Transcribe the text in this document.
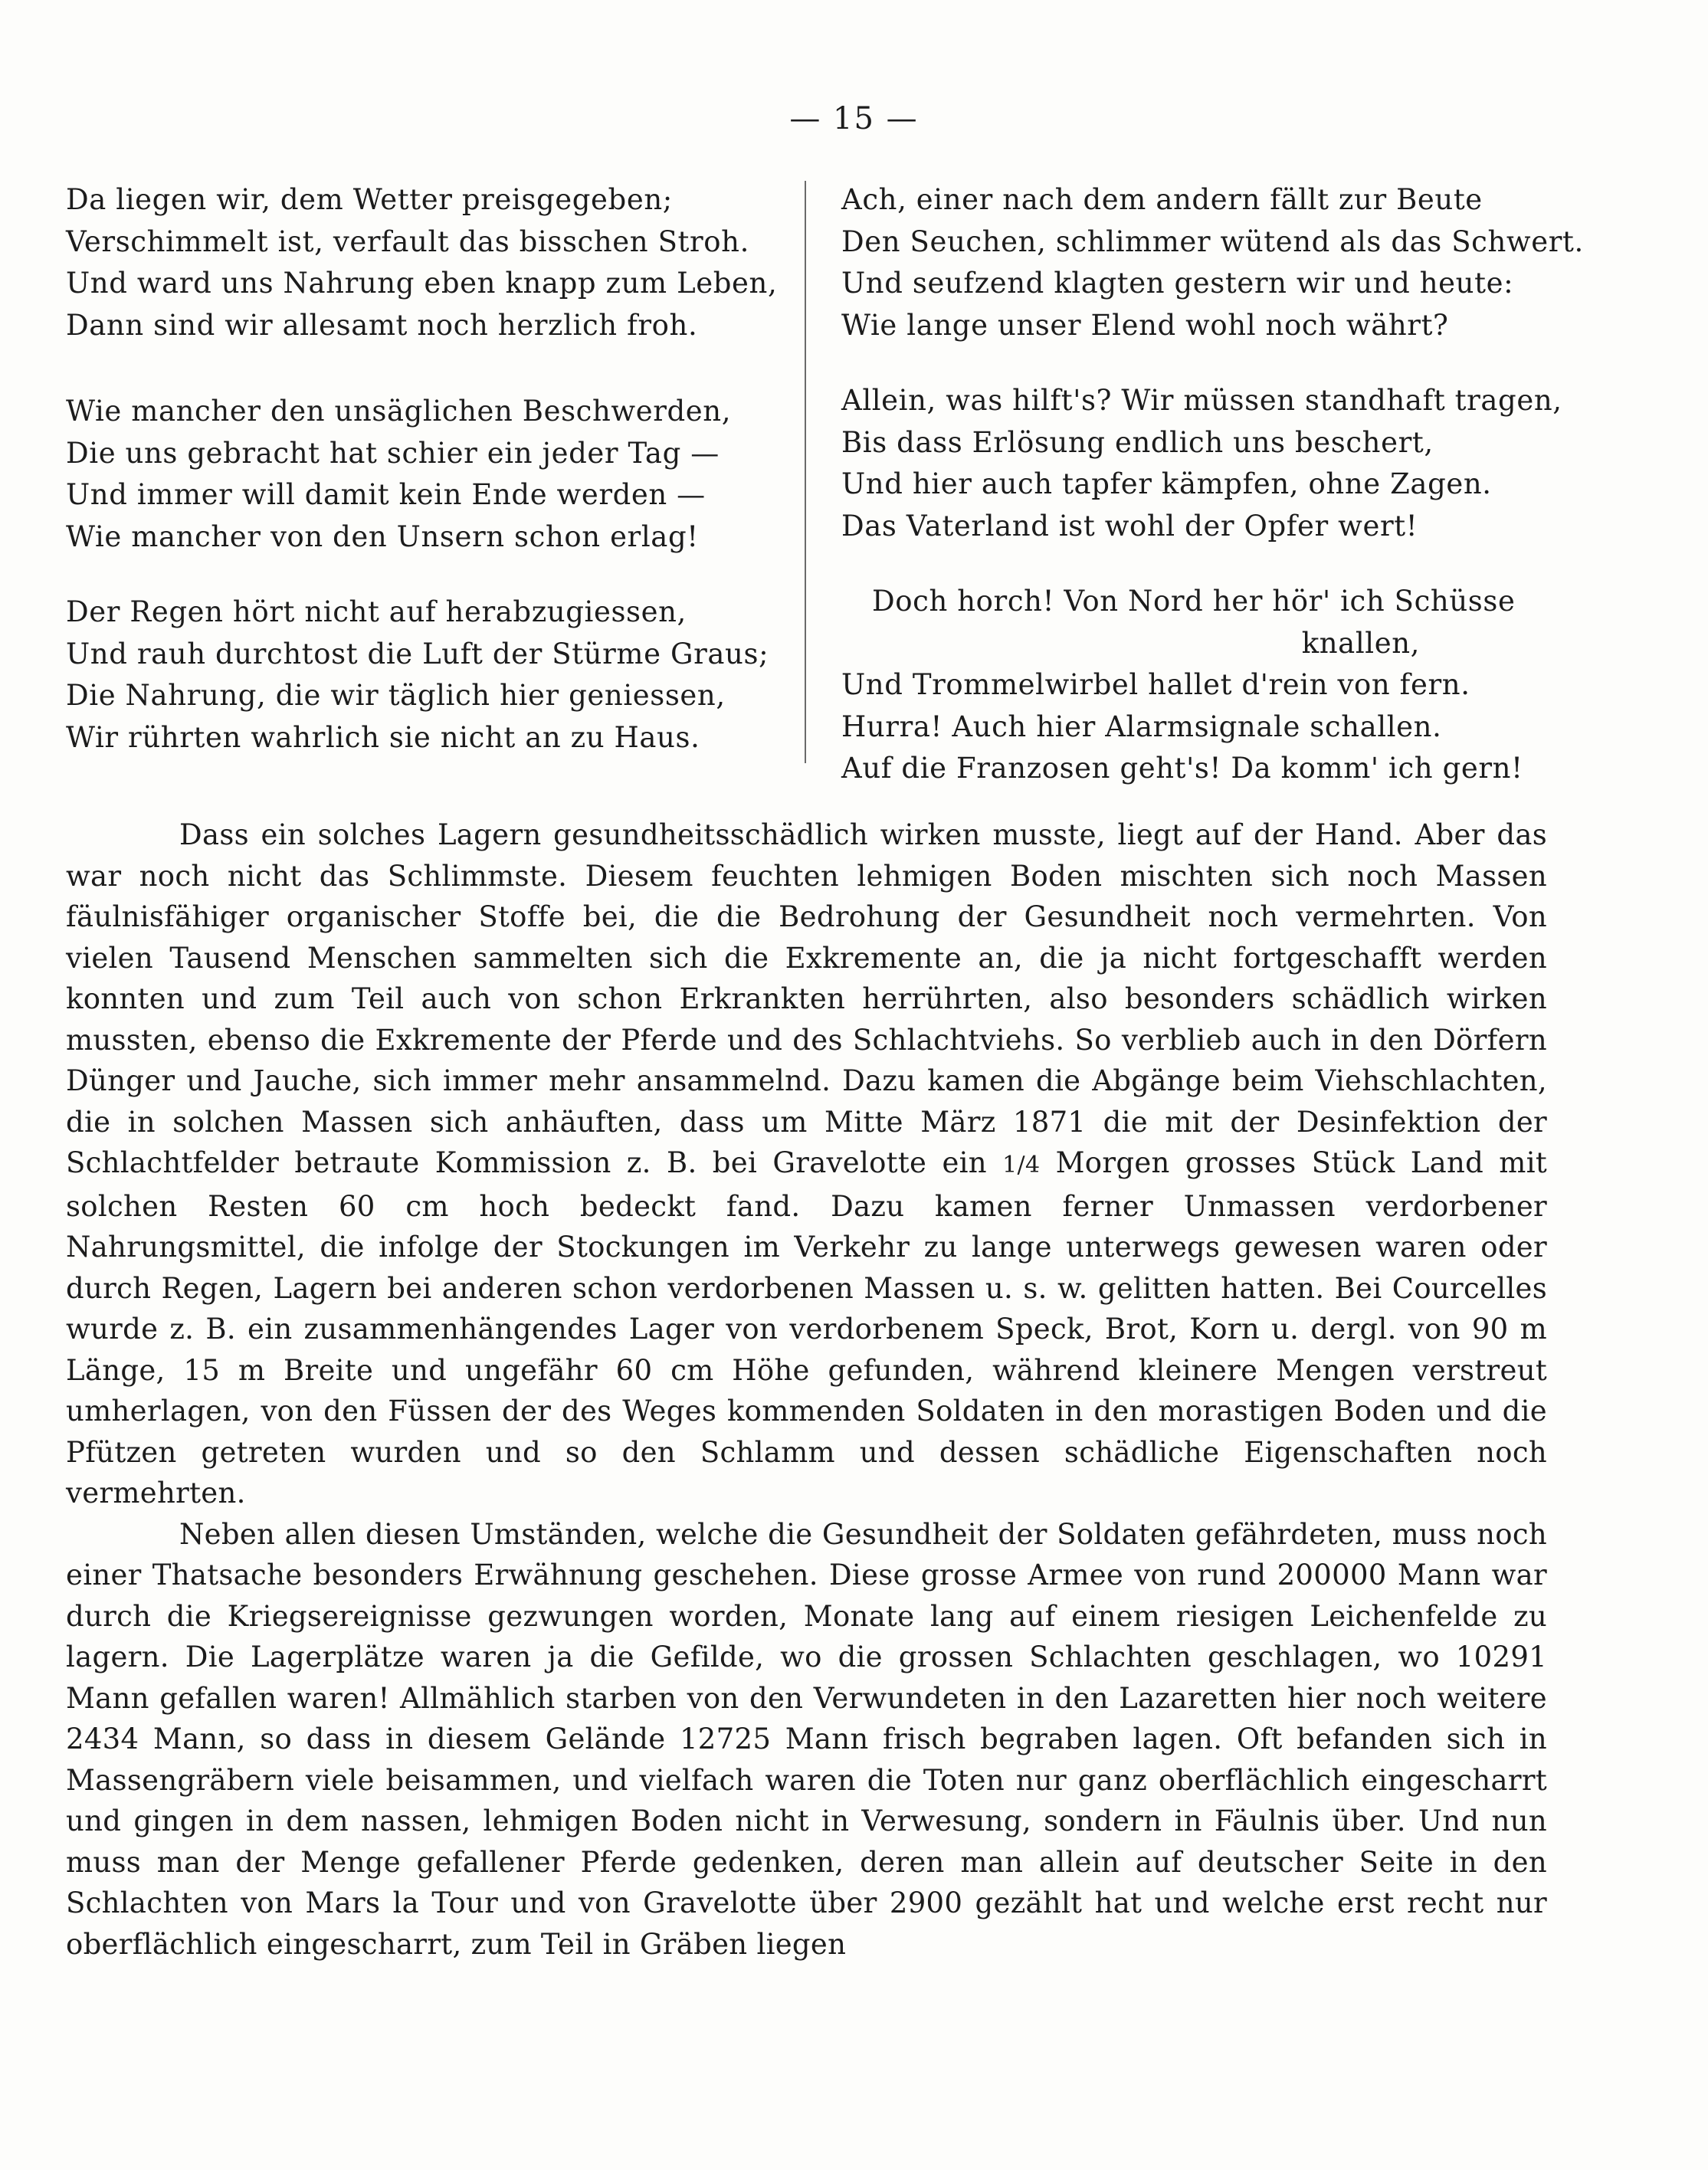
— 15 —
Da liegen wir, dem Wetter preisgegeben;
Verschimmelt ist, verfault das bisschen Stroh.
Und ward uns Nahrung eben knapp zum Leben,
Dann sind wir allesamt noch herzlich froh.
Wie mancher den unsäglichen Beschwerden,
Die uns gebracht hat schier ein jeder Tag —
Und immer will damit kein Ende werden —
Wie mancher von den Unsern schon erlag!
Der Regen hört nicht auf herabzugiessen,
Und rauh durchtost die Luft der Stürme Graus;
Die Nahrung, die wir täglich hier geniessen,
Wir rührten wahrlich sie nicht an zu Haus.
Ach, einer nach dem andern fällt zur Beute
Den Seuchen, schlimmer wütend als das Schwert.
Und seufzend klagten gestern wir und heute:
Wie lange unser Elend wohl noch währt?
Allein, was hilft's? Wir müssen standhaft tragen,
Bis dass Erlösung endlich uns beschert,
Und hier auch tapfer kämpfen, ohne Zagen.
Das Vaterland ist wohl der Opfer wert!
Doch horch! Von Nord her hör' ich Schüsse
knallen,
Und Trommelwirbel hallet d'rein von fern.
Hurra! Auch hier Alarmsignale schallen.
Auf die Franzosen geht's! Da komm' ich gern!

Dass ein solches Lagern gesundheitsschädlich wirken musste, liegt auf der Hand. Aber das war noch nicht das Schlimmste. Diesem feuchten lehmigen Boden mischten sich noch Massen fäulnisfähiger organischer Stoffe bei, die die Bedrohung der Gesundheit noch vermehrten. Von vielen Tausend Menschen sammelten sich die Exkremente an, die ja nicht fortgeschafft werden konnten und zum Teil auch von schon Erkrankten herrührten, also besonders schädlich wirken mussten, ebenso die Exkremente der Pferde und des Schlachtviehs. So verblieb auch in den Dörfern Dünger und Jauche, sich immer mehr ansammelnd. Dazu kamen die Abgänge beim Viehschlachten, die in solchen Massen sich anhäuften, dass um Mitte März 1871 die mit der Desinfektion der Schlachtfelder betraute Kommission z. B. bei Gravelotte ein 1/4 Morgen grosses Stück Land mit solchen Resten 60 cm hoch bedeckt fand. Dazu kamen ferner Unmassen verdorbener Nahrungsmittel, die infolge der Stockungen im Verkehr zu lange unterwegs gewesen waren oder durch Regen, Lagern bei anderen schon verdorbenen Massen u. s. w. gelitten hatten. Bei Courcelles wurde z. B. ein zusammenhängendes Lager von verdorbenem Speck, Brot, Korn u. dergl. von 90 m Länge, 15 m Breite und ungefähr 60 cm Höhe gefunden, während kleinere Mengen verstreut umherlagen, von den Füssen der des Weges kommenden Soldaten in den morastigen Boden und die Pfützen getreten wurden und so den Schlamm und dessen schädliche Eigenschaften noch vermehrten.

Neben allen diesen Umständen, welche die Gesundheit der Soldaten gefährdeten, muss noch einer Thatsache besonders Erwähnung geschehen. Diese grosse Armee von rund 200000 Mann war durch die Kriegsereignisse gezwungen worden, Monate lang auf einem riesigen Leichenfelde zu lagern. Die Lagerplätze waren ja die Gefilde, wo die grossen Schlachten geschlagen, wo 10291 Mann gefallen waren! Allmählich starben von den Verwundeten in den Lazaretten hier noch weitere 2434 Mann, so dass in diesem Gelände 12725 Mann frisch begraben lagen. Oft befanden sich in Massengräbern viele beisammen, und vielfach waren die Toten nur ganz oberflächlich eingescharrt und gingen in dem nassen, lehmigen Boden nicht in Verwesung, sondern in Fäulnis über. Und nun muss man der Menge gefallener Pferde gedenken, deren man allein auf deutscher Seite in den Schlachten von Mars la Tour und von Gravelotte über 2900 gezählt hat und welche erst recht nur oberflächlich eingescharrt, zum Teil in Gräben liegen
